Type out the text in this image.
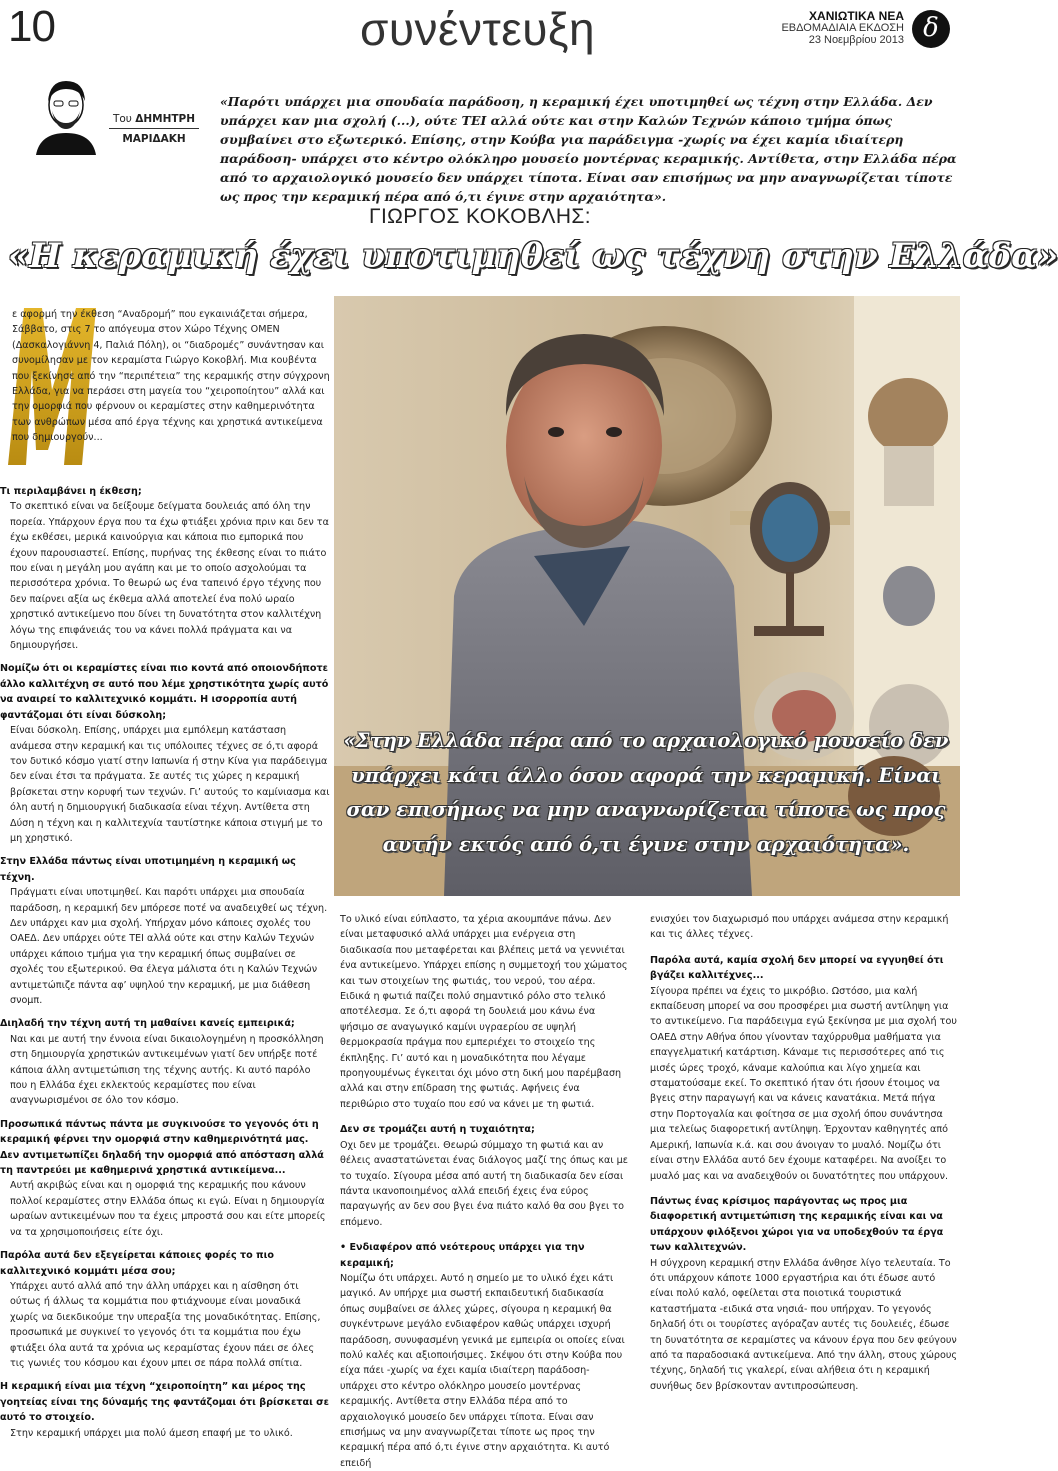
10	συνέντευξη	ΧΑΝΙΩΤΙΚΑ ΝΕΑ
ΕΒΔΟΜΑΔΙΑΙΑ ΕΚΔΟΣΗ
23 Νοεμβρίου 2013 δ
Του ΔΗΜΗΤΡΗ
ΜΑΡΙΔΑΚΗ
«Παρότι υπάρχει μια σπουδαία παράδοση, η κεραμική έχει υποτιμηθεί ως τέχνη στην Ελλάδα. Δεν υπάρχει καν μια σχολή (...), ούτε ΤΕΙ αλλά ούτε και στην Καλών Τεχνών κάποιο τμήμα όπως συμβαίνει στο εξωτερικό. Επίσης, στην Κούβα για παράδειγμα -χωρίς να έχει καμία ιδιαίτερη παράδοση- υπάρχει στο κέντρο ολόκληρο μουσείο μοντέρνας κεραμικής. Αντίθετα, στην Ελλάδα πέρα από το αρχαιολογικό μουσείο δεν υπάρχει τίποτα. Είναι σαν επισήμως να μην αναγνωρίζεται τίποτε ως προς την κεραμική πέρα από ό,τι έγινε στην αρχαιότητα».
ΓΙΩΡΓΟΣ ΚΟΚΟΒΛΗΣ:
«Η κεραμική έχει υποτιμηθεί ως τέχνη στην Ελλάδα»

ε αφορμή την έκθεση “Αναδρομή” που εγκαινιάζεται σήμερα, Σάββατο, στις 7 το απόγευμα στον Χώρο Τέχνης ΟΜΕΝ (Δασκαλογιάννη 4, Παλιά Πόλη), οι “διαδρομές” συνάντησαν και συνομίλησαν με τον κεραμίστα Γιώργο Κοκοβλή. Μια κουβέντα που ξεκίνησε από την “περιπέτεια” της κεραμικής στην σύγχρονη Ελλάδα, για να περάσει στη μαγεία του “χειροποίητου” αλλά και την ομορφιά που φέρνουν οι κεραμίστες στην καθημερινότητα των ανθρώπων μέσα από έργα τέχνης και χρηστικά αντικείμενα που δημιουργούν...

Τι περιλαμβάνει η έκθεση;

Το σκεπτικό είναι να δείξουμε δείγματα δουλειάς από όλη την πορεία. Υπάρχουν έργα που τα έχω φτιάξει χρόνια πριν και δεν τα έχω εκθέσει, μερικά καινούργια και κάποια πιο εμπορικά που έχουν παρουσιαστεί. Επίσης, πυρήνας της έκθεσης είναι το πιάτο που είναι η μεγάλη μου αγάπη και με το οποίο ασχολούμαι τα περισσότερα χρόνια. Το θεωρώ ως ένα ταπεινό έργο τέχνης που δεν παίρνει αξία ως έκθεμα αλλά αποτελεί ένα πολύ ωραίο χρηστικό αντικείμενο που δίνει τη δυνατότητα στον καλλιτέχνη λόγω της επιφάνειάς του να κάνει πολλά πράγματα και να δημιουργήσει.

Νομίζω ότι οι κεραμίστες είναι πιο κοντά από οποιονδήποτε άλλο καλλιτέχνη σε αυτό που λέμε χρηστικότητα χωρίς αυτό να αναιρεί το καλλιτεχνικό κομμάτι. Η ισορροπία αυτή φαντάζομαι ότι είναι δύσκολη;

Είναι δύσκολη. Επίσης, υπάρχει μια εμπόλεμη κατάσταση ανάμεσα στην κεραμική και τις υπόλοιπες τέχνες σε ό,τι αφορά τον δυτικό κόσμο γιατί στην Ιαπωνία ή στην Κίνα για παράδειγμα δεν είναι έτσι τα πράγματα. Σε αυτές τις χώρες η κεραμική βρίσκεται στην κορυφή των τεχνών. Γι’ αυτούς το καμίνιασμα και όλη αυτή η δημιουργική διαδικασία είναι τέχνη. Αντίθετα στη Δύση η τέχνη και η καλλιτεχνία ταυτίστηκε κάποια στιγμή με το μη χρηστικό.

Στην Ελλάδα πάντως είναι υποτιμημένη η κεραμική ως τέχνη.

Πράγματι είναι υποτιμηθεί. Και παρότι υπάρχει μια σπουδαία παράδοση, η κεραμική δεν μπόρεσε ποτέ να αναδειχθεί ως τέχνη. Δεν υπάρχει καν μια σχολή. Υπήρχαν μόνο κάποιες σχολές του ΟΑΕΔ. Δεν υπάρχει ούτε ΤΕΙ αλλά ούτε και στην Καλών Τεχνών υπάρχει κάποιο τμήμα για την κεραμική όπως συμβαίνει σε σχολές του εξωτερικού. Θα έλεγα μάλιστα ότι η Καλών Τεχνών αντιμετώπιζε πάντα αφ’ υψηλού την κεραμική, με μια διάθεση σνομπ.

Διηλαδή την τέχνη αυτή τη μαθαίνει κανείς εμπειρικά;

Ναι και με αυτή την έννοια είναι δικαιολογημένη η προσκόλληση στη δημιουργία χρηστικών αντικειμένων γιατί δεν υπήρξε ποτέ κάποια άλλη αντιμετώπιση της τέχνης αυτής. Κι αυτό παρόλο που η Ελλάδα έχει εκλεκτούς κεραμίστες που είναι αναγνωρισμένοι σε όλο τον κόσμο.

Προσωπικά πάντως πάντα με συγκινούσε το γεγονός ότι η κεραμική φέρνει την ομορφιά στην καθημερινότητά μας. Δεν αντιμετωπίζει δηλαδή την ομορφιά από απόσταση αλλά τη παντρεύει με καθημερινά χρηστικά αντικείμενα...

Αυτή ακριβώς είναι και η ομορφιά της κεραμικής που κάνουν πολλοί κεραμίστες στην Ελλάδα όπως κι εγώ. Είναι η δημιουργία ωραίων αντικειμένων που τα έχεις μπροστά σου και είτε μπορείς να τα χρησιμοποιήσεις είτε όχι.

Παρόλα αυτά δεν εξεγείρεται κάποιες φορές το πιο καλλιτεχνικό κομμάτι μέσα σου;

Υπάρχει αυτό αλλά από την άλλη υπάρχει και η αίσθηση ότι ούτως ή άλλως τα κομμάτια που φτιάχνουμε είναι μοναδικά χωρίς να διεκδικούμε την υπεραξία της μοναδικότητας. Επίσης, προσωπικά με συγκινεί το γεγονός ότι τα κομμάτια που έχω φτιάξει όλα αυτά τα χρόνια ως κεραμίστας έχουν πάει σε όλες τις γωνιές του κόσμου και έχουν μπει σε πάρα πολλά σπίτια.

Η κεραμική είναι μια τέχνη “χειροποίητη” και μέρος της γοητείας είναι της δύναμής της φαντάζομαι ότι βρίσκεται σε αυτό το στοιχείο.

Στην κεραμική υπάρχει μια πολύ άμεση επαφή με το υλικό.

«Στην Ελλάδα πέρα από το αρχαιολογικό μουσείο δεν υπάρχει κάτι άλλο όσον αφορά την κεραμική. Είναι σαν επισήμως να μην αναγνωρίζεται τίποτε ως προς αυτήν εκτός από ό,τι έγινε στην αρχαιότητα».

Το υλικό είναι εύπλαστο, τα χέρια ακουμπάνε πάνω. Δεν είναι μεταφυσικό αλλά υπάρχει μια ενέργεια στη διαδικασία που μεταφέρεται και βλέπεις μετά να γεννιέται ένα αντικείμενο. Υπάρχει επίσης η συμμετοχή του χώματος και των στοιχείων της φωτιάς, του νερού, του αέρα. Ειδικά η φωτιά παίζει πολύ σημαντικό ρόλο στο τελικό αποτέλεσμα. Σε ό,τι αφορά τη δουλειά μου κάνω ένα ψήσιμο σε αναγωγικό καμίνι υγραερίου σε υψηλή θερμοκρασία πράγμα που εμπεριέχει το στοιχείο της έκπληξης. Γι’ αυτό και η μοναδικότητα που λέγαμε προηγουμένως έγκειται όχι μόνο στη δική μου παρέμβαση αλλά και στην επίδραση της φωτιάς. Αφήνεις ένα περιθώριο στο τυχαίο που εσύ να κάνει με τη φωτιά.

Δεν σε τρομάζει αυτή η τυχαιότητα;

Οχι δεν με τρομάζει. Θεωρώ σύμμαχο τη φωτιά και αν θέλεις αναστατώνεται ένας διάλογος μαζί της όπως και με το τυχαίο. Σίγουρα μέσα από αυτή τη διαδικασία δεν είσαι πάντα ικανοποιημένος αλλά επειδή έχεις ένα εύρος παραγωγής αν δεν σου βγει ένα πιάτο καλό θα σου βγει το επόμενο.

• Ενδιαφέρον από νεότερους υπάρχει για την κεραμική;

Νομίζω ότι υπάρχει. Αυτό η σημείο με το υλικό έχει κάτι μαγικό. Αν υπήρχε μια σωστή εκπαιδευτική διαδικασία όπως συμβαίνει σε άλλες χώρες, σίγουρα η κεραμική θα συγκέντρωνε μεγάλο ενδιαφέρον καθώς υπάρχει ισχυρή παράδοση, συνυφασμένη γενικά με εμπειρία οι οποίες είναι πολύ καλές και αξιοποιήσιμες. Σκέψου ότι στην Κούβα που είχα πάει -χωρίς να έχει καμία ιδιαίτερη παράδοση- υπάρχει στο κέντρο ολόκληρο μουσείο μοντέρνας κεραμικής. Αντίθετα στην Ελλάδα πέρα από το αρχαιολογικό μουσείο δεν υπάρχει τίποτα. Είναι σαν επισήμως να μην αναγνωρίζεται τίποτε ως προς την κεραμική πέρα από ό,τι έγινε στην αρχαιότητα. Κι αυτό επειδή

ενισχύει τον διαχωρισμό που υπάρχει ανάμεσα στην κεραμική και τις άλλες τέχνες.

Παρόλα αυτά, καμία σχολή δεν μπορεί να εγγυηθεί ότι βγάζει καλλιτέχνες...

Σίγουρα πρέπει να έχεις το μικρόβιο. Ωστόσο, μια καλή εκπαίδευση μπορεί να σου προσφέρει μια σωστή αντίληψη για το αντικείμενο. Για παράδειγμα εγώ ξεκίνησα με μια σχολή του ΟΑΕΔ στην Αθήνα όπου γίνονταν ταχύρρυθμα μαθήματα για επαγγελματική κατάρτιση. Κάναμε τις περισσότερες από τις μισές ώρες τροχό, κάναμε καλούπια και λίγο χημεία και σταματούσαμε εκεί. Το σκεπτικό ήταν ότι ήσουν έτοιμος να βγεις στην παραγωγή και να κάνεις κανατάκια. Μετά πήγα στην Πορτογαλία και φοίτησα σε μια σχολή όπου συνάντησα μια τελείως διαφορετική αντίληψη. Έρχονταν καθηγητές από Αμερική, Ιαπωνία κ.ά. και σου άνοιγαν το μυαλό. Νομίζω ότι είναι στην Ελλάδα αυτό δεν έχουμε καταφέρει. Να ανοίξει το μυαλό μας και να αναδειχθούν οι δυνατότητες που υπάρχουν.

Πάντως ένας κρίσιμος παράγοντας ως προς μια διαφορετική αντιμετώπιση της κεραμικής είναι και να υπάρχουν φιλόξενοι χώροι για να υποδεχθούν τα έργα των καλλιτεχνών.

Η σύγχρονη κεραμική στην Ελλάδα άνθησε λίγο τελευταία. Το ότι υπάρχουν κάποτε 1000 εργαστήρια και ότι έδωσε αυτό είναι πολύ καλό, οφείλεται στα ποιοτικά τουριστικά καταστήματα -ειδικά στα νησιά- που υπήρχαν. Το γεγονός δηλαδή ότι οι τουρίστες αγόραζαν αυτές τις δουλειές, έδωσε τη δυνατότητα σε κεραμίστες να κάνουν έργα που δεν φεύγουν από τα παραδοσιακά αντικείμενα. Από την άλλη, στους χώρους τέχνης, δηλαδή τις γκαλερί, είναι αλήθεια ότι η κεραμική συνήθως δεν βρίσκονταν αντιπροσώπευση.
